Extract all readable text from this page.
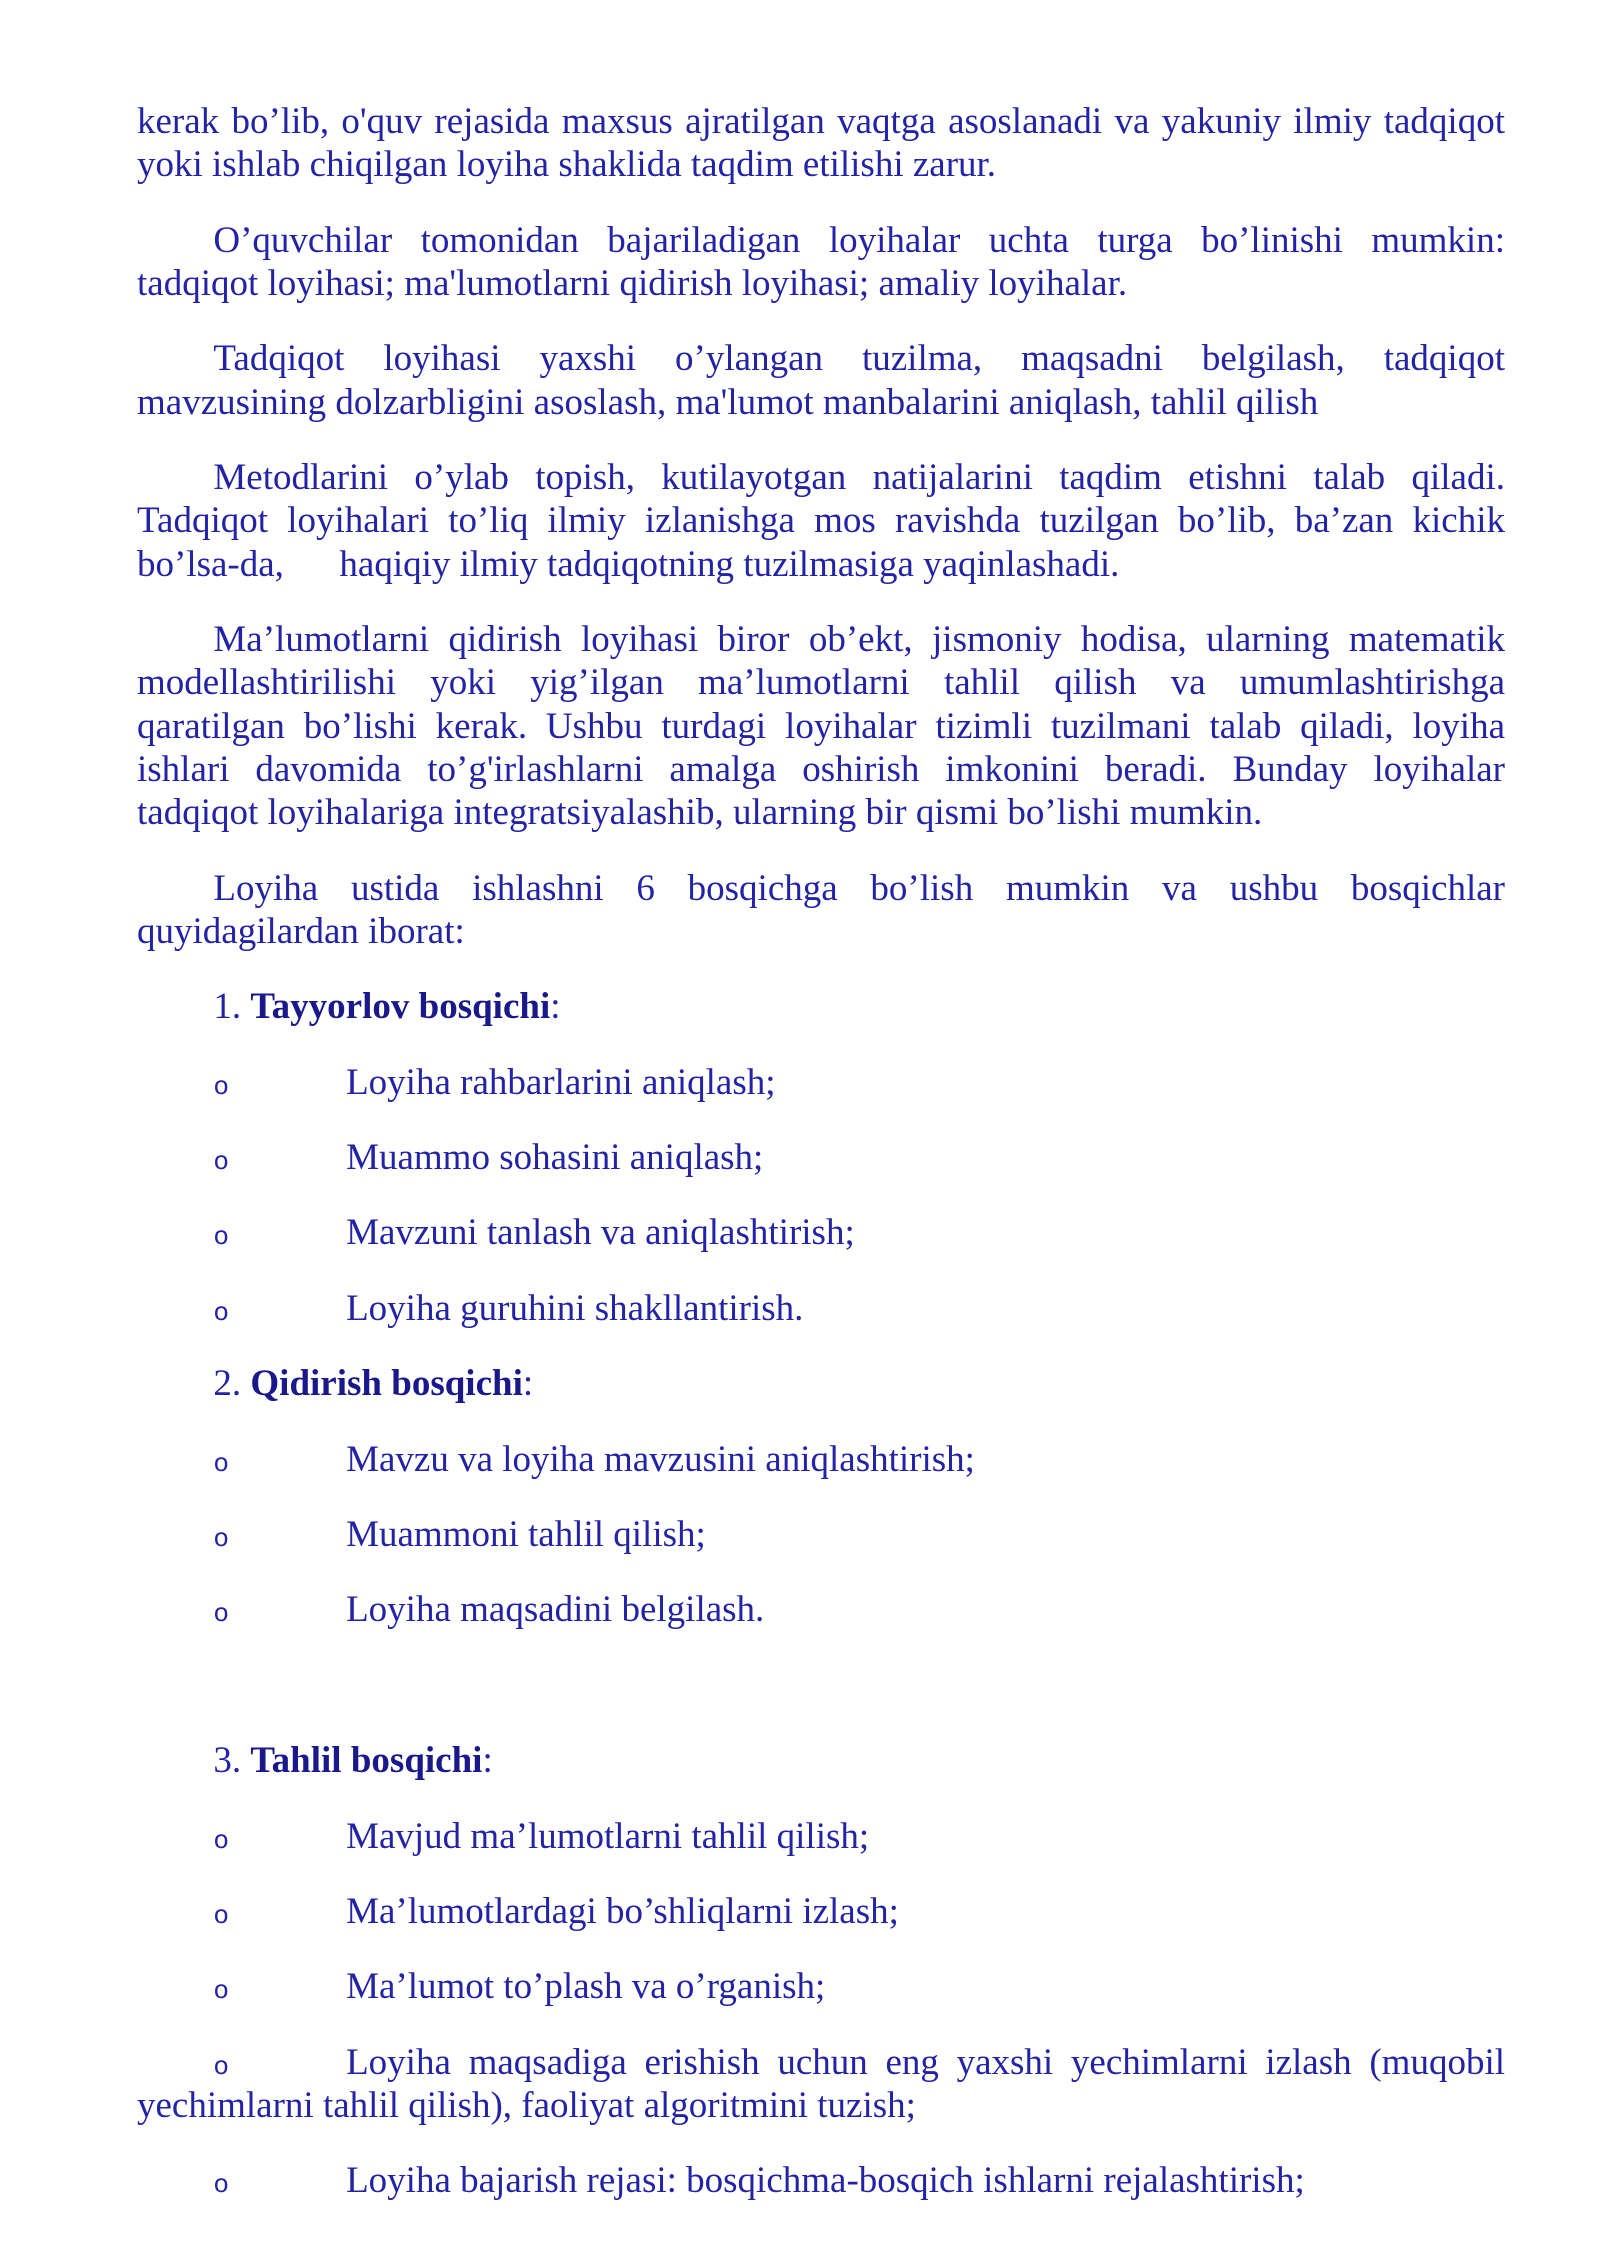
kerak bo’lib, o'quv rejasida maxsus ajratilgan vaqtga asoslanadi va yakuniy ilmiy tadqiqot
yoki ishlab chiqilgan loyiha shaklida taqdim etilishi zarur.
O’quvchilar tomonidan bajariladigan loyihalar uchta turga bo’linishi mumkin:
tadqiqot loyihasi; ma'lumotlarni qidirish loyihasi; amaliy loyihalar.
Tadqiqot loyihasi yaxshi o’ylangan tuzilma, maqsadni belgilash, tadqiqot
mavzusining dolzarbligini asoslash, ma'lumot manbalarini aniqlash, tahlil qilish
Metodlarini o’ylab topish, kutilayotgan natijalarini taqdim etishni talab qiladi.
Tadqiqot loyihalari to’liq ilmiy izlanishga mos ravishda tuzilgan bo’lib, ba’zan kichik
bo’lsa-da,      haqiqiy ilmiy tadqiqotning tuzilmasiga yaqinlashadi.
Ma’lumotlarni qidirish loyihasi biror ob’ekt, jismoniy hodisa, ularning matematik
modellashtirilishi yoki yig’ilgan ma’lumotlarni tahlil qilish va umumlashtirishga
qaratilgan bo’lishi kerak. Ushbu turdagi loyihalar tizimli tuzilmani talab qiladi, loyiha
ishlari davomida to’g'irlashlarni amalga oshirish imkonini beradi. Bunday loyihalar
tadqiqot loyihalariga integratsiyalashib, ularning bir qismi bo’lishi mumkin.
Loyiha ustida ishlashni 6 bosqichga bo’lish mumkin va ushbu bosqichlar
quyidagilardan iborat:
1. Tayyorlov bosqichi:
o	Loyiha rahbarlarini aniqlash;
o	Muammo sohasini aniqlash;
o	Mavzuni tanlash va aniqlashtirish;
o	Loyiha guruhini shakllantirish.
2. Qidirish bosqichi:
o	Mavzu va loyiha mavzusini aniqlashtirish;
o	Muammoni tahlil qilish;
o	Loyiha maqsadini belgilash.
3. Tahlil bosqichi:
o	Mavjud ma’lumotlarni tahlil qilish;
o	Ma’lumotlardagi bo’shliqlarni izlash;
o	Ma’lumot to’plash va o’rganish;
o	Loyiha maqsadiga erishish uchun eng yaxshi yechimlarni izlash (muqobil
yechimlarni tahlil qilish), faoliyat algoritmini tuzish;
o	Loyiha bajarish rejasi: bosqichma-bosqich ishlarni rejalashtirish;
